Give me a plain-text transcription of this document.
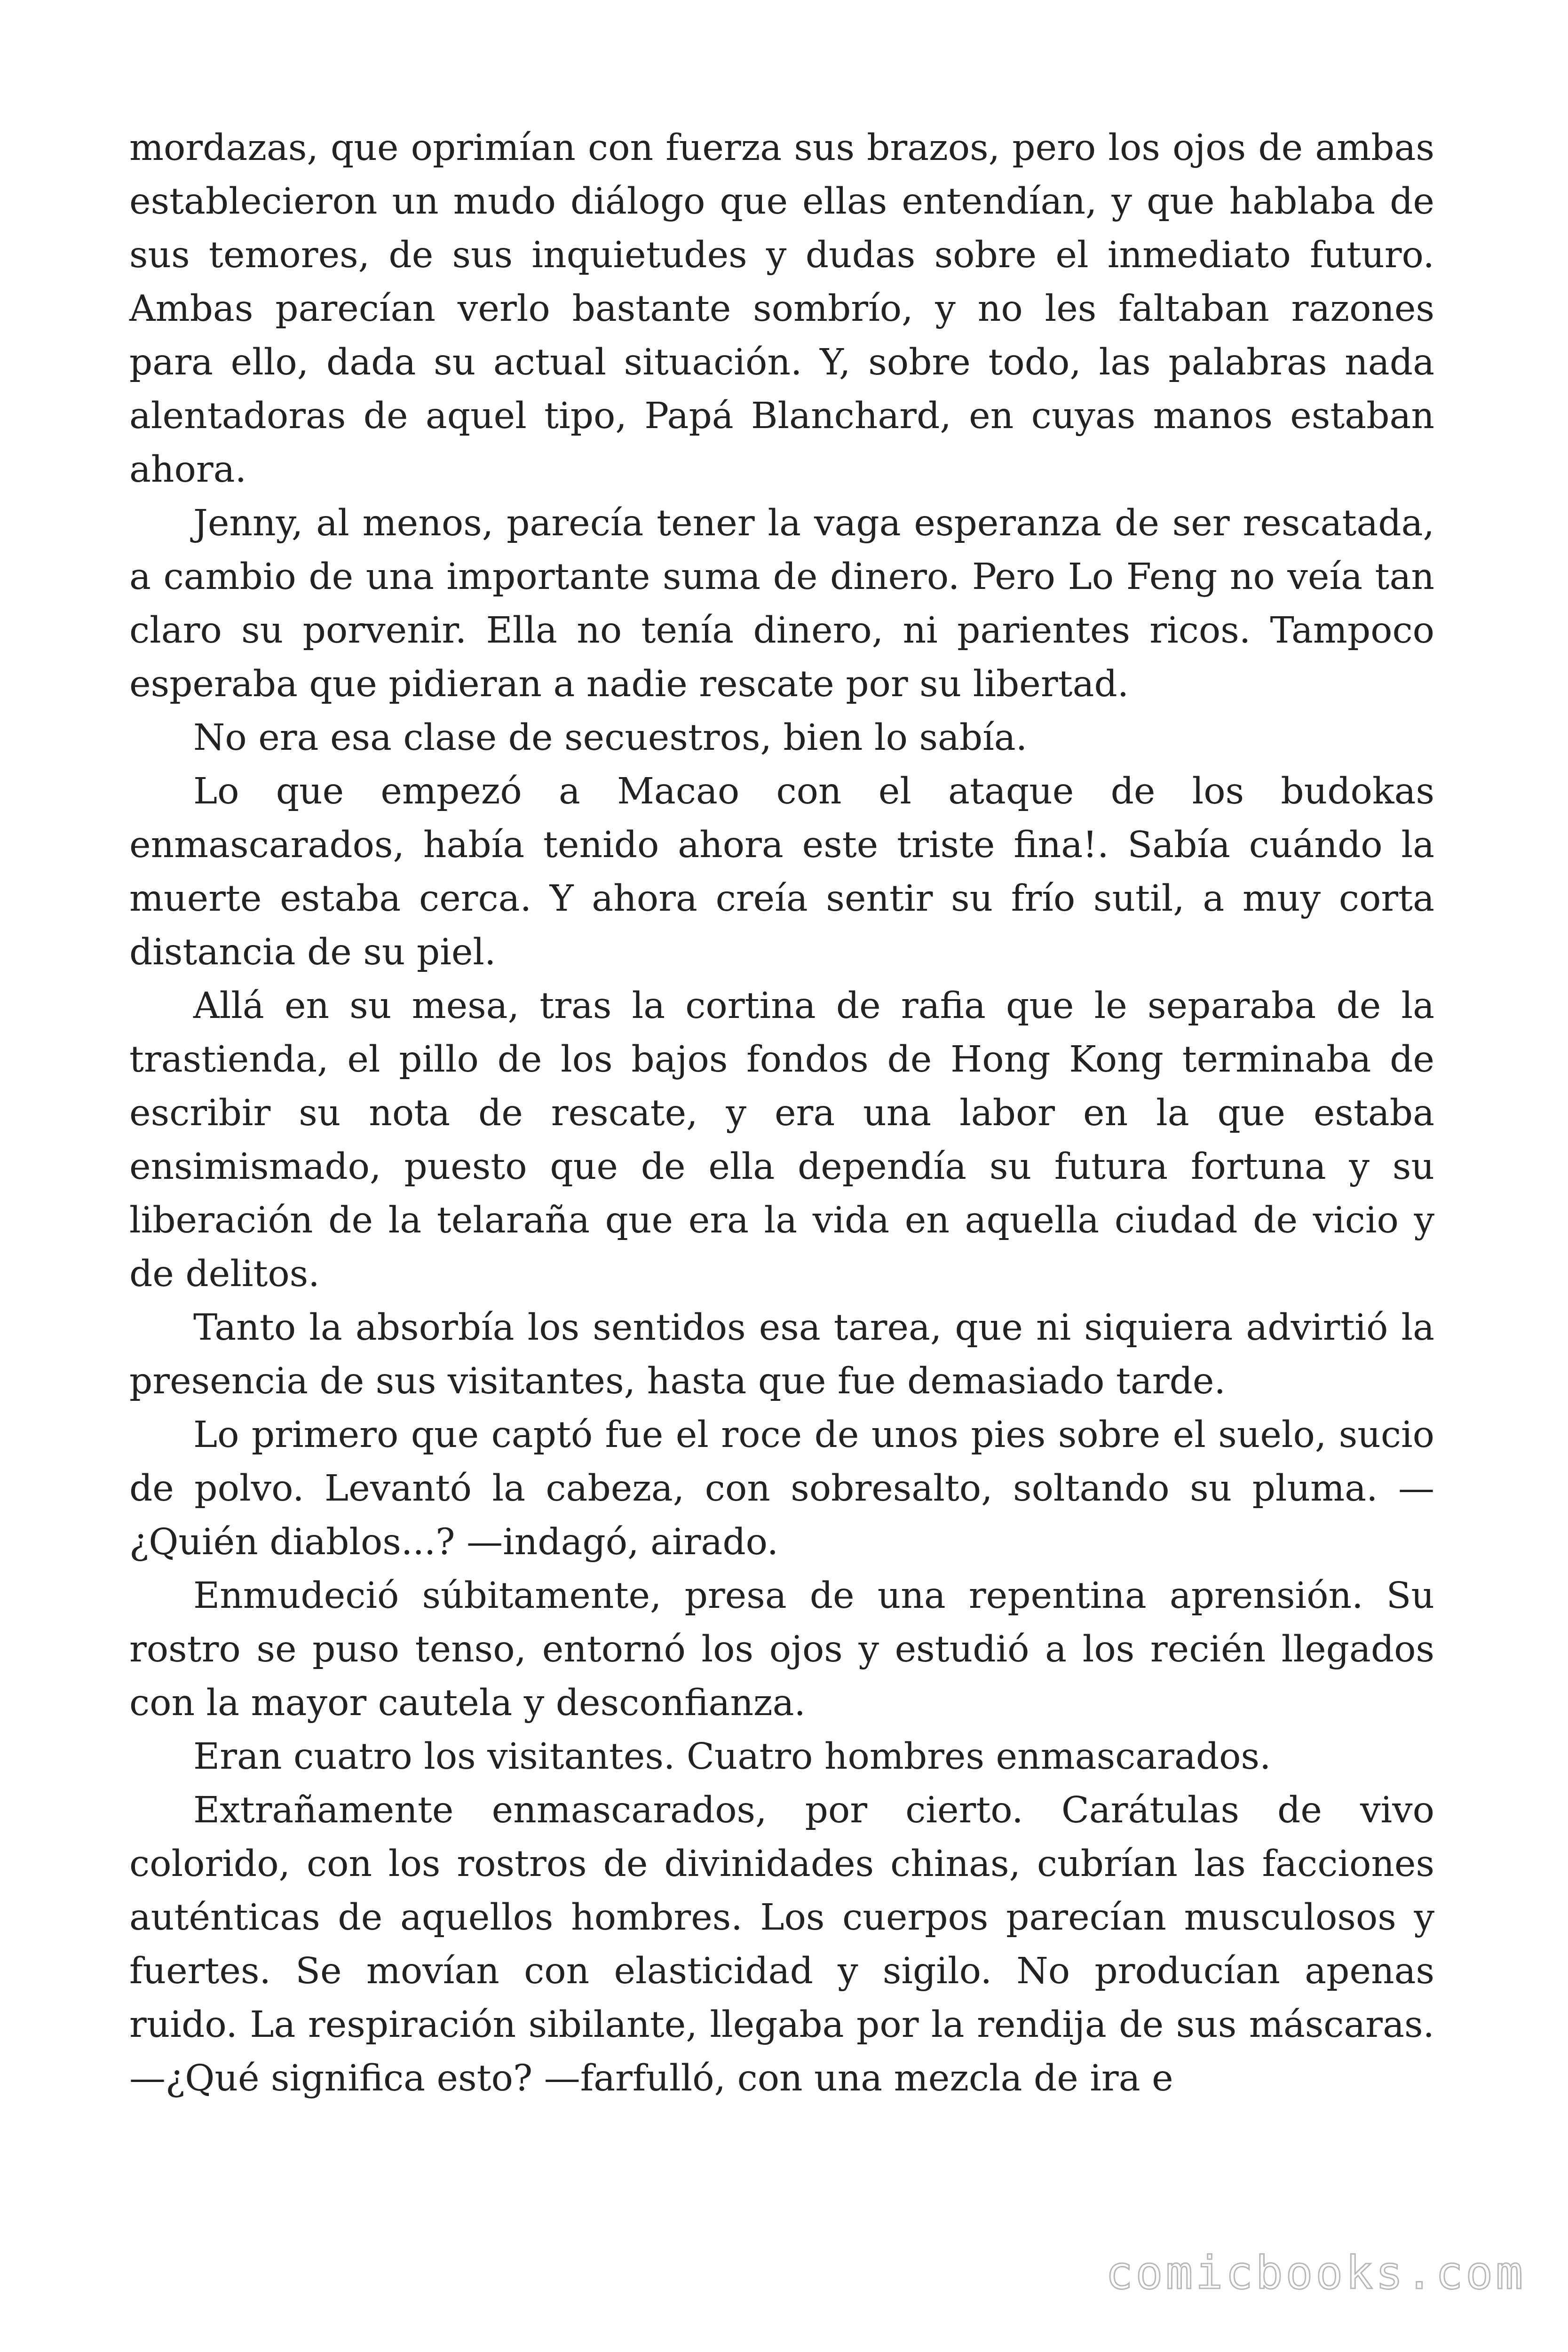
mordazas, que oprimían con fuerza sus brazos, pero los ojos de ambas establecieron un mudo diálogo que ellas entendían, y que hablaba de sus temores, de sus inquietudes y dudas sobre el inmediato futuro. Ambas parecían verlo bastante sombrío, y no les faltaban razones para ello, dada su actual situación. Y, sobre todo, las palabras nada alentadoras de aquel tipo, Papá Blanchard, en cuyas manos estaban ahora.

Jenny, al menos, parecía tener la vaga esperanza de ser rescatada, a cambio de una importante suma de dinero. Pero Lo Feng no veía tan claro su porvenir. Ella no tenía dinero, ni parientes ricos. Tampoco esperaba que pidieran a nadie rescate por su libertad.

No era esa clase de secuestros, bien lo sabía.

Lo que empezó a Macao con el ataque de los budokas enmascarados, había tenido ahora este triste fina!. Sabía cuándo la muerte estaba cerca. Y ahora creía sentir su frío sutil, a muy corta distancia de su piel.

Allá en su mesa, tras la cortina de rafia que le separaba de la trastienda, el pillo de los bajos fondos de Hong Kong terminaba de escribir su nota de rescate, y era una labor en la que estaba ensimismado, puesto que de ella dependía su futura fortuna y su liberación de la telaraña que era la vida en aquella ciudad de vicio y de delitos.

Tanto la absorbía los sentidos esa tarea, que ni siquiera advirtió la presencia de sus visitantes, hasta que fue demasiado tarde.

Lo primero que captó fue el roce de unos pies sobre el suelo, sucio de polvo. Levantó la cabeza, con sobresalto, soltando su pluma. —¿Quién diablos...? —indagó, airado.

Enmudeció súbitamente, presa de una repentina aprensión. Su rostro se puso tenso, entornó los ojos y estudió a los recién llegados con la mayor cautela y desconfianza.

Eran cuatro los visitantes. Cuatro hombres enmascarados.

Extrañamente enmascarados, por cierto. Carátulas de vivo colorido, con los rostros de divinidades chinas, cubrían las facciones auténticas de aquellos hombres. Los cuerpos parecían musculosos y fuertes. Se movían con elasticidad y sigilo. No producían apenas ruido. La respiración sibilante, llegaba por la rendija de sus máscaras. —¿Qué significa esto? —farfulló, con una mezcla de ira e

comicbooks.com
